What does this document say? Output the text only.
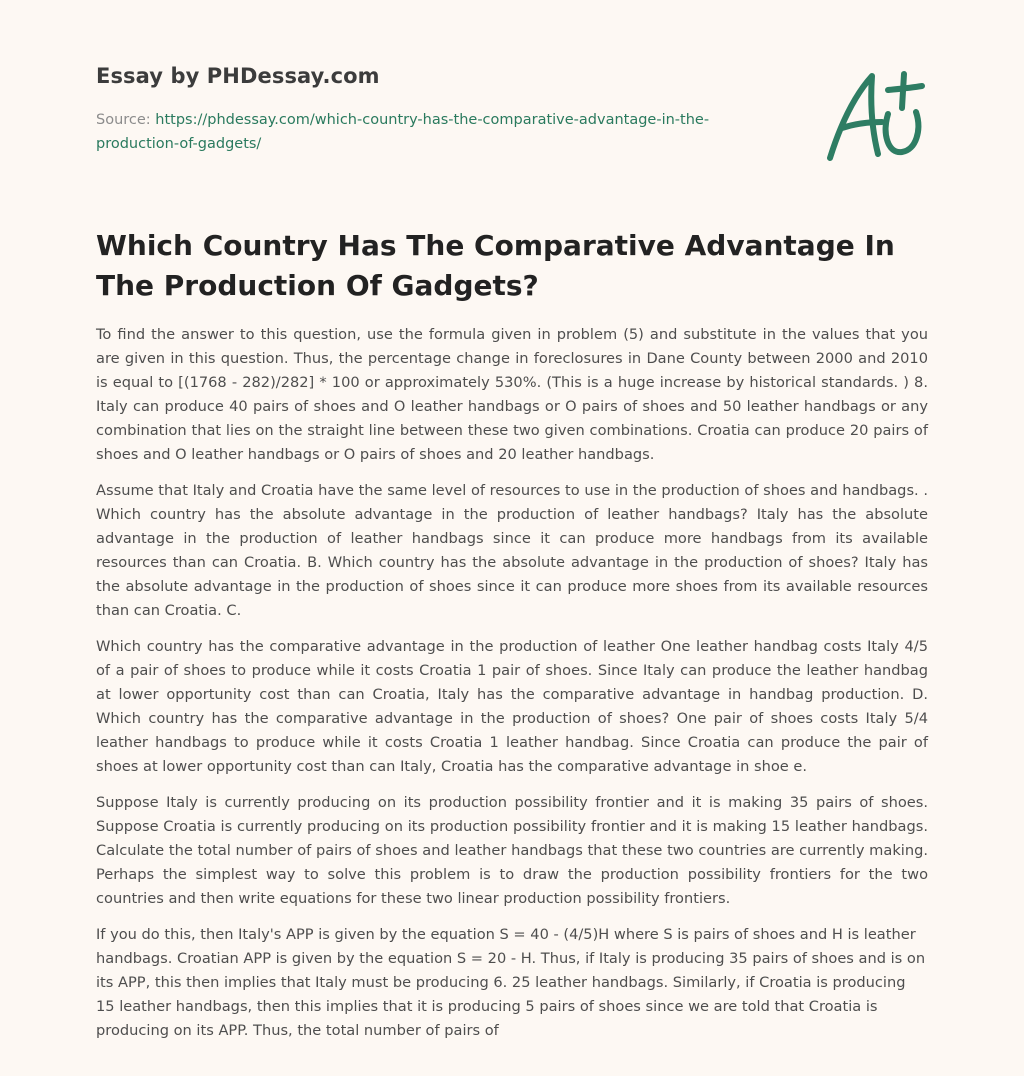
Essay by PHDessay.com
Source: https://phdessay.com/which-country-has-the-comparative-advantage-in-the-
production-of-gadgets/
Which Country Has The Comparative Advantage In The Production Of Gadgets?

To find the answer to this question, use the formula given in problem (5) and substitute in the values that you are given in this question. Thus, the percentage change in foreclosures in Dane County between 2000 and 2010 is equal to [(1768 - 282)/282] * 100 or approximately 530%. (This is a huge increase by historical standards. ) 8. Italy can produce 40 pairs of shoes and O leather handbags or O pairs of shoes and 50 leather handbags or any combination that lies on the straight line between these two given combinations. Croatia can produce 20 pairs of shoes and O leather handbags or O pairs of shoes and 20 leather handbags.

Assume that Italy and Croatia have the same level of resources to use in the production of shoes and handbags. . Which country has the absolute advantage in the production of leather handbags? Italy has the absolute advantage in the production of leather handbags since it can produce more handbags from its available resources than can Croatia. B. Which country has the absolute advantage in the production of shoes? Italy has the absolute advantage in the production of shoes since it can produce more shoes from its available resources than can Croatia. C.

Which country has the comparative advantage in the production of leather One leather handbag costs Italy 4/5 of a pair of shoes to produce while it costs Croatia 1 pair of shoes. Since Italy can produce the leather handbag at lower opportunity cost than can Croatia, Italy has the comparative advantage in handbag production. D. Which country has the comparative advantage in the production of shoes? One pair of shoes costs Italy 5/4 leather handbags to produce while it costs Croatia 1 leather handbag. Since Croatia can produce the pair of shoes at lower opportunity cost than can Italy, Croatia has the comparative advantage in shoe e.

Suppose Italy is currently producing on its production possibility frontier and it is making 35 pairs of shoes. Suppose Croatia is currently producing on its production possibility frontier and it is making 15 leather handbags. Calculate the total number of pairs of shoes and leather handbags that these two countries are currently making. Perhaps the simplest way to solve this problem is to draw the production possibility frontiers for the two countries and then write equations for these two linear production possibility frontiers.

If you do this, then Italy's APP is given by the equation S = 40 - (4/5)H where S is pairs of shoes and H is leather handbags. Croatian APP is given by the equation S = 20 - H. Thus, if Italy is producing 35 pairs of shoes and is on its APP, this then implies that Italy must be producing 6. 25 leather handbags. Similarly, if Croatia is producing 15 leather handbags, then this implies that it is producing 5 pairs of shoes since we are told that Croatia is producing on its APP. Thus, the total number of pairs of
